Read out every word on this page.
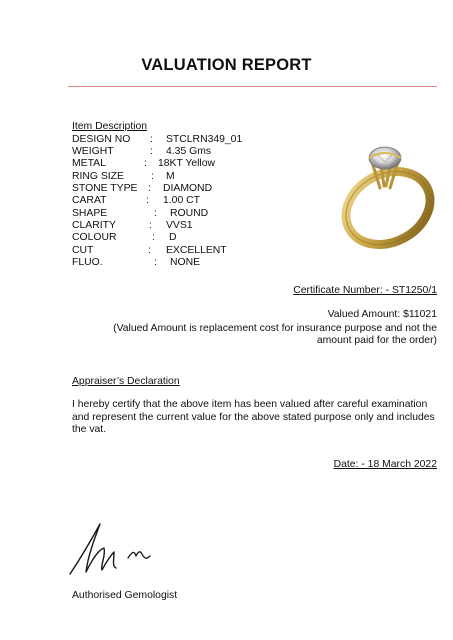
VALUATION REPORT
Item Description
DESIGN NO : STCLRN349_01
WEIGHT	: 4.35 Gms
METAL	: 18KT Yellow
RING SIZE	: M
STONE TYPE : DIAMOND
CARAT	: 1.00 CT
SHAPE	: ROUND
CLARITY	: VVS1
COLOUR	: D
CUT	: EXCELLENT
FLUO.	: NONE
Certificate Number: - ST1250/1
Valued Amount: $11021
(Valued Amount is replacement cost for insurance purpose and not the amount paid for the order)
Appraiser’s Declaration
I hereby certify that the above item has been valued after careful examination and represent the current value for the above stated purpose only and includes the vat.
Date: - 18 March 2022
Authorised Gemologist
